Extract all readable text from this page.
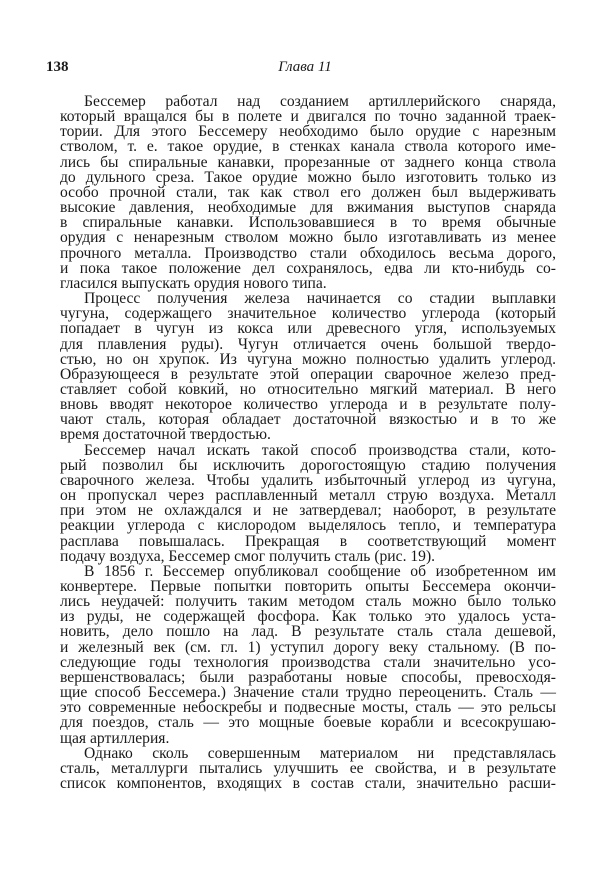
138	Глава 11
Бессемер работал над созданием артиллерийского снаряда,
который вращался бы в полете и двигался по точно заданной траек-
тории. Для этого Бессемеру необходимо было орудие с нарезным
стволом, т. е. такое орудие, в стенках канала ствола которого име-
лись бы спиральные канавки, прорезанные от заднего конца ствола
до дульного среза. Такое орудие можно было изготовить только из
особо прочной стали, так как ствол его должен был выдерживать
высокие давления, необходимые для вжимания выступов снаряда
в спиральные канавки. Использовавшиеся в то время обычные
орудия с ненарезным стволом можно было изготавливать из менее
прочного металла. Производство стали обходилось весьма дорого,
и пока такое положение дел сохранялось, едва ли кто-нибудь со-
гласился выпускать орудия нового типа.
Процесс получения железа начинается со стадии выплавки
чугуна, содержащего значительное количество углерода (который
попадает в чугун из кокса или древесного угля, используемых
для плавления руды). Чугун отличается очень большой твердо-
стью, но он хрупок. Из чугуна можно полностью удалить углерод.
Образующееся в результате этой операции сварочное железо пред-
ставляет собой ковкий, но относительно мягкий материал. В него
вновь вводят некоторое количество углерода и в результате полу-
чают сталь, которая обладает достаточной вязкостью и в то же
время достаточной твердостью.
Бессемер начал искать такой способ производства стали, кото-
рый позволил бы исключить дорогостоящую стадию получения
сварочного железа. Чтобы удалить избыточный углерод из чугуна,
он пропускал через расплавленный металл струю воздуха. Металл
при этом не охлаждался и не затвердевал; наоборот, в результате
реакции углерода с кислородом выделялось тепло, и температура
расплава повышалась. Прекращая в соответствующий момент
подачу воздуха, Бессемер смог получить сталь (рис. 19).
В 1856 г. Бессемер опубликовал сообщение об изобретенном им
конвертере. Первые попытки повторить опыты Бессемера окончи-
лись неудачей: получить таким методом сталь можно было только
из руды, не содержащей фосфора. Как только это удалось уста-
новить, дело пошло на лад. В результате сталь стала дешевой,
и железный век (см. гл. 1) уступил дорогу веку стальному. (В по-
следующие годы технология производства стали значительно усо-
вершенствовалась; были разработаны новые способы, превосходя-
щие способ Бессемера.) Значение стали трудно переоценить. Сталь —
это современные небоскребы и подвесные мосты, сталь — это рельсы
для поездов, сталь — это мощные боевые корабли и всесокрушаю-
щая артиллерия.
Однако сколь совершенным материалом ни представлялась
сталь, металлурги пытались улучшить ее свойства, и в результате
список компонентов, входящих в состав стали, значительно расши-
